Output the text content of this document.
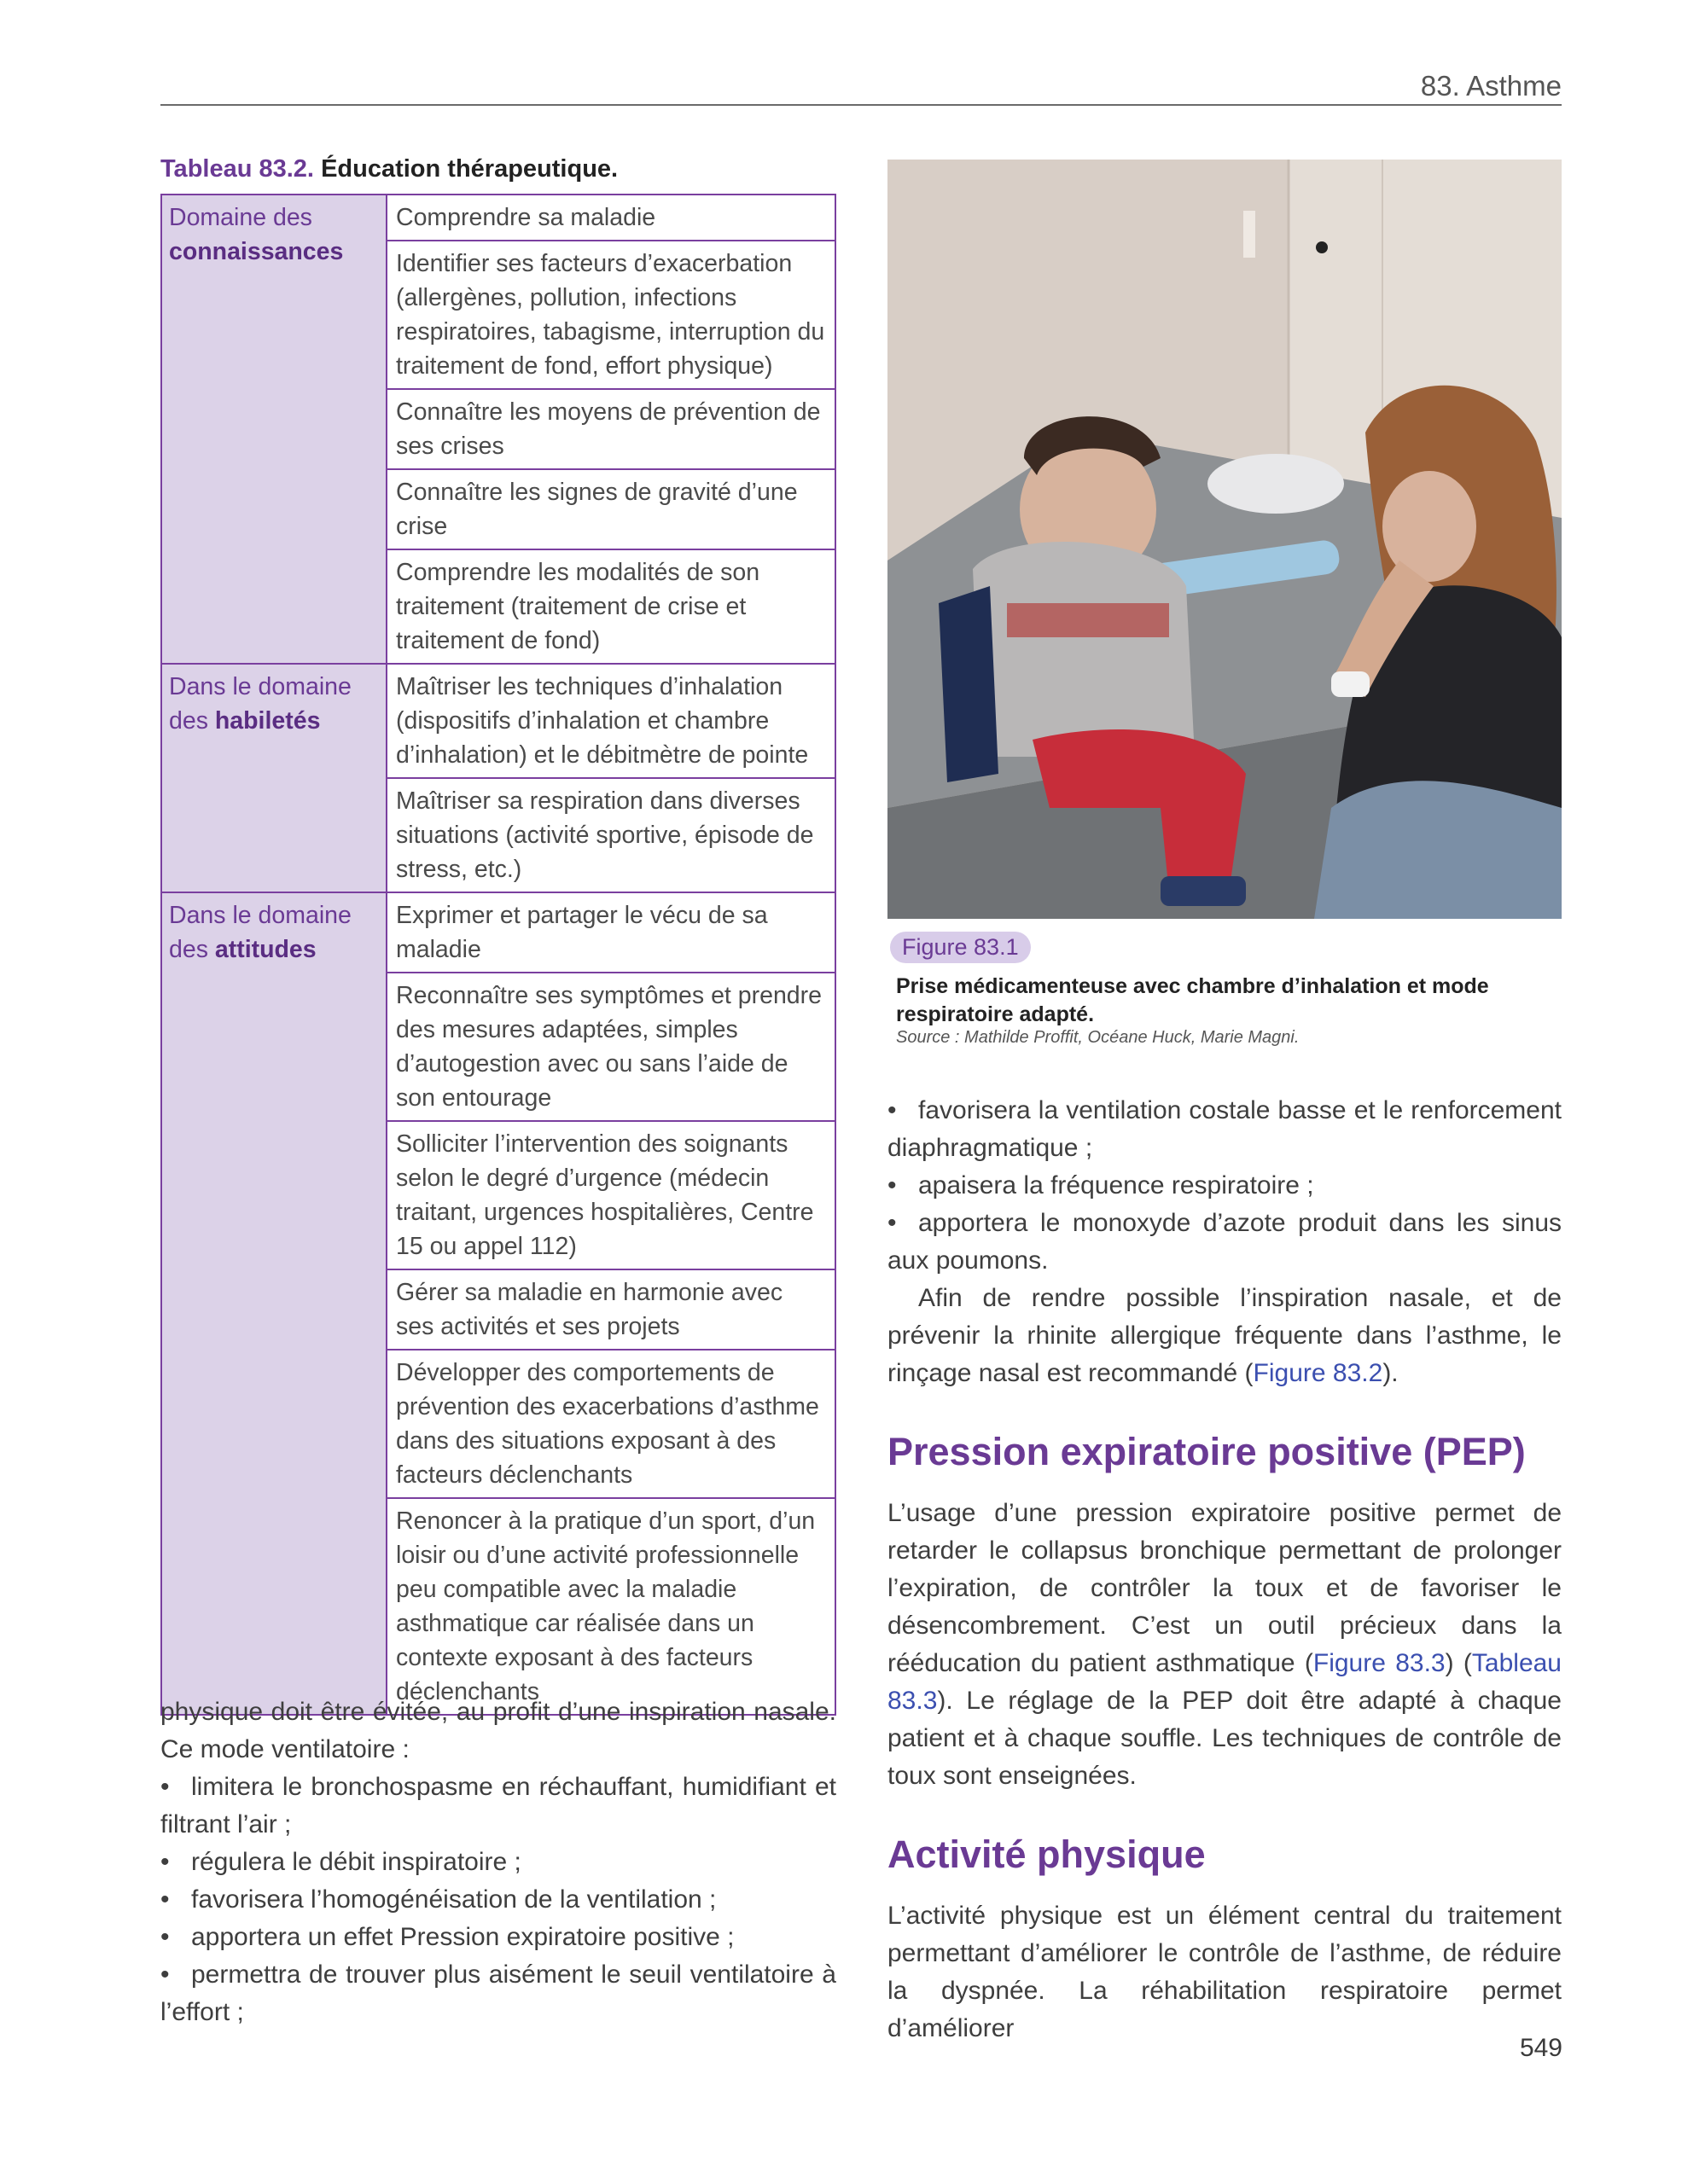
83. Asthme
Tableau 83.2. Éducation thérapeutique.
Domaine des connaissances	Comprendre sa maladie
	Identifier ses facteurs d’exacerbation (allergènes, pollution, infections respiratoires, tabagisme, interruption du traitement de fond, effort physique)
	Connaître les moyens de prévention de ses crises
	Connaître les signes de gravité d’une crise
	Comprendre les modalités de son traitement (traitement de crise et traitement de fond)
Dans le domaine des habiletés	Maîtriser les techniques d’inhalation (dispositifs d’inhalation et chambre d’inhalation) et le débitmètre de pointe
	Maîtriser sa respiration dans diverses situations (activité sportive, épisode de stress, etc.)
Dans le domaine des attitudes	Exprimer et partager le vécu de sa maladie
	Reconnaître ses symptômes et prendre des mesures adaptées, simples d’autogestion avec ou sans l’aide de son entourage
	Solliciter l’intervention des soignants selon le degré d’urgence (médecin traitant, urgences hospitalières, Centre 15 ou appel 112)
	Gérer sa maladie en harmonie avec ses activités et ses projets
	Développer des comportements de prévention des exacerbations d’asthme dans des situations exposant à des facteurs déclenchants
	Renoncer à la pratique d’un sport, d’un loisir ou d’une activité professionnelle peu compatible avec la maladie asthmatique car réalisée dans un contexte exposant à des facteurs déclenchants

physique doit être évitée, au profit d’une inspiration nasale. Ce mode ventilatoire :

• limitera le bronchospasme en réchauffant, humidifiant et filtrant l’air ;

• régulera le débit inspiratoire ;

• favorisera l’homogénéisation de la ventilation ;

• apportera un effet Pression expiratoire positive ;

• permettra de trouver plus aisément le seuil ventilatoire à l’effort ;

Figure 83.1
Prise médicamenteuse avec chambre d’inhalation et mode respiratoire adapté.
Source : Mathilde Proffit, Océane Huck, Marie Magni.

• favorisera la ventilation costale basse et le renforcement diaphragmatique ;

• apaisera la fréquence respiratoire ;

• apportera le monoxyde d’azote produit dans les sinus aux poumons.

Afin de rendre possible l’inspiration nasale, et de prévenir la rhinite allergique fréquente dans l’asthme, le rinçage nasal est recommandé (Figure 83.2).

Pression expiratoire positive (PEP)

L’usage d’une pression expiratoire positive permet de retarder le collapsus bronchique permettant de prolonger l’expiration, de contrôler la toux et de favoriser le désencombrement. C’est un outil précieux dans la rééducation du patient asthmatique (Figure 83.3) (Tableau 83.3). Le réglage de la PEP doit être adapté à chaque patient et à chaque souffle. Les techniques de contrôle de toux sont enseignées.

Activité physique

L’activité physique est un élément central du traitement permettant d’améliorer le contrôle de l’asthme, de réduire la dyspnée. La réhabilitation respiratoire permet d’améliorer

549
